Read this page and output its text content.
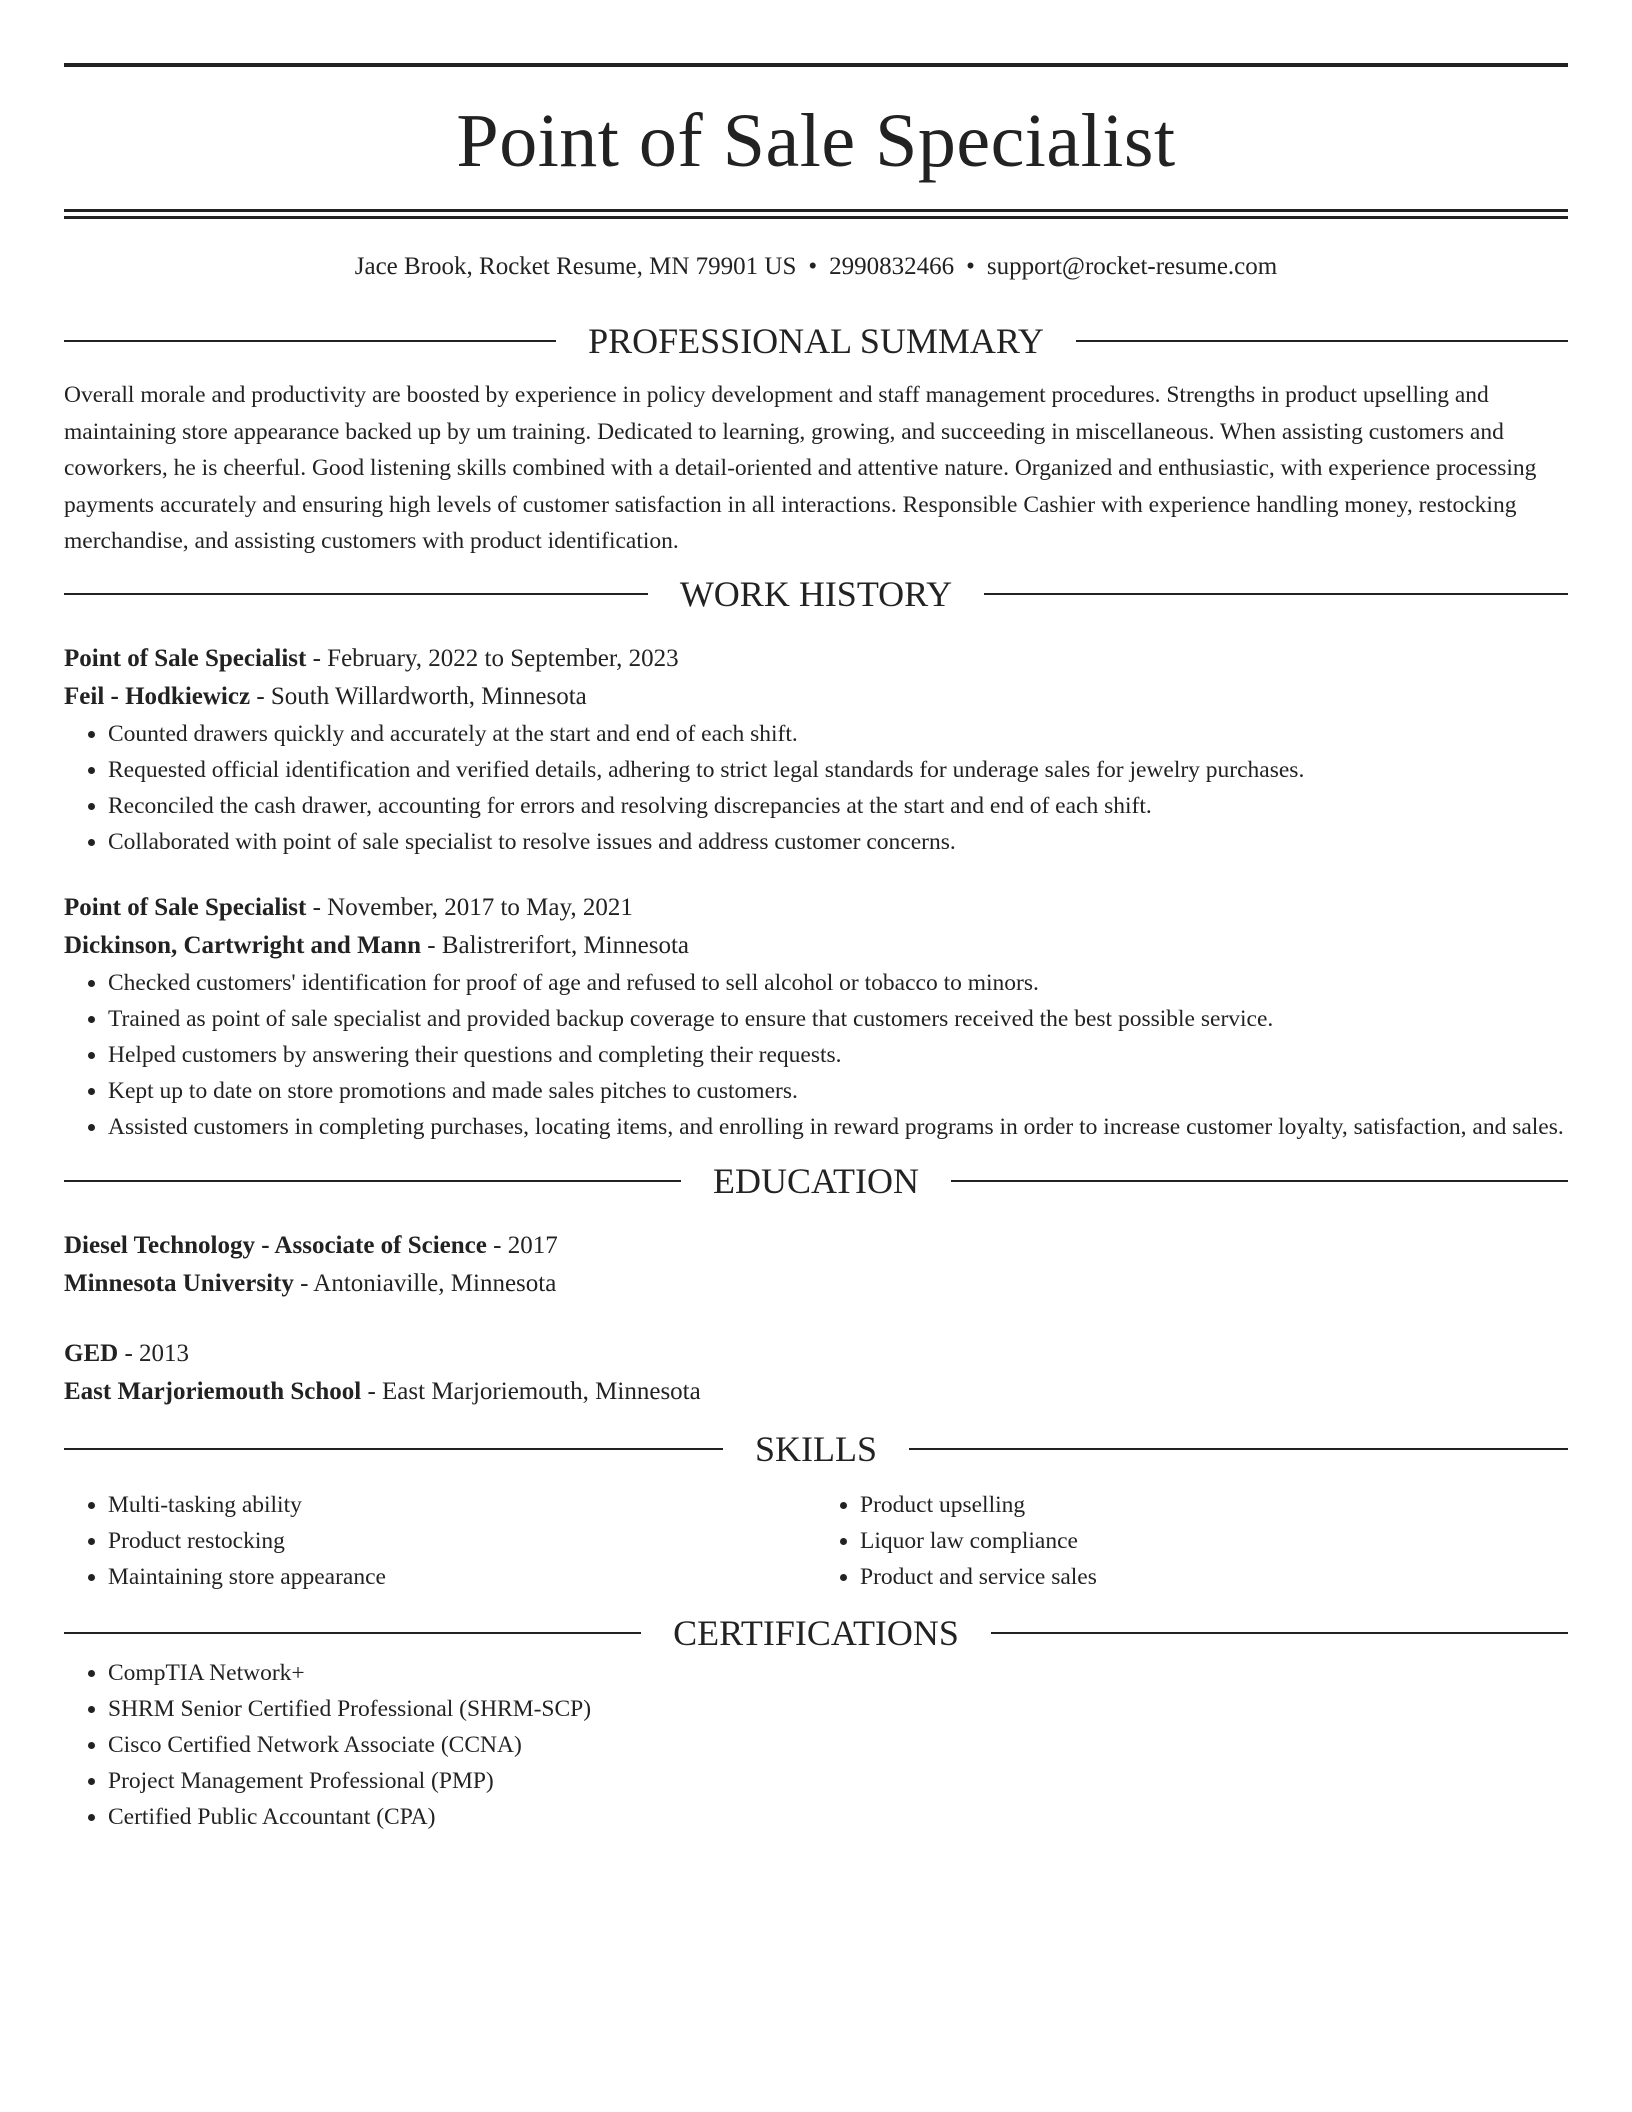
Point of Sale Specialist
Jace Brook, Rocket Resume, MN 79901 US • 2990832466 • support@rocket-resume.com
PROFESSIONAL SUMMARY
Overall morale and productivity are boosted by experience in policy development and staff management procedures. Strengths in product upselling and maintaining store appearance backed up by um training. Dedicated to learning, growing, and succeeding in miscellaneous. When assisting customers and coworkers, he is cheerful. Good listening skills combined with a detail-oriented and attentive nature. Organized and enthusiastic, with experience processing payments accurately and ensuring high levels of customer satisfaction in all interactions. Responsible Cashier with experience handling money, restocking merchandise, and assisting customers with product identification.
WORK HISTORY
Point of Sale Specialist - February, 2022 to September, 2023
Feil - Hodkiewicz - South Willardworth, Minnesota
• Counted drawers quickly and accurately at the start and end of each shift.
• Requested official identification and verified details, adhering to strict legal standards for underage sales for jewelry purchases.
• Reconciled the cash drawer, accounting for errors and resolving discrepancies at the start and end of each shift.
• Collaborated with point of sale specialist to resolve issues and address customer concerns.
Point of Sale Specialist - November, 2017 to May, 2021
Dickinson, Cartwright and Mann - Balistrerifort, Minnesota
• Checked customers' identification for proof of age and refused to sell alcohol or tobacco to minors.
• Trained as point of sale specialist and provided backup coverage to ensure that customers received the best possible service.
• Helped customers by answering their questions and completing their requests.
• Kept up to date on store promotions and made sales pitches to customers.
• Assisted customers in completing purchases, locating items, and enrolling in reward programs in order to increase customer loyalty, satisfaction, and sales.
EDUCATION
Diesel Technology - Associate of Science - 2017
Minnesota University - Antoniaville, Minnesota
GED - 2013
East Marjoriemouth School - East Marjoriemouth, Minnesota
SKILLS
• Multi-tasking ability
• Product restocking
• Maintaining store appearance
• Product upselling
• Liquor law compliance
• Product and service sales
CERTIFICATIONS
• CompTIA Network+
• SHRM Senior Certified Professional (SHRM-SCP)
• Cisco Certified Network Associate (CCNA)
• Project Management Professional (PMP)
• Certified Public Accountant (CPA)
